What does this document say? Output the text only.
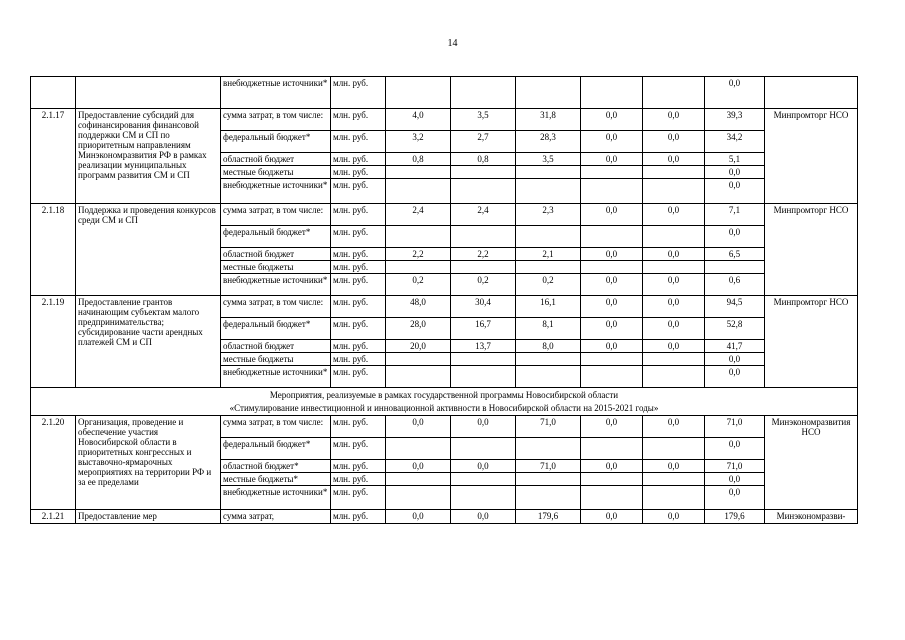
14
		внебюджетные источники*	млн. руб.						0,0	
2.1.17	Предоставление субсидий для софинансирования финансовой поддержки СМ и СП по приоритетным направлениям Минэкономразвития РФ в рамках реализации муниципальных программ развития СМ и СП	сумма затрат, в том числе:	млн. руб.	4,0	3,5	31,8	0,0	0,0	39,3	Минпромторг НСО
		федеральный бюджет*	млн. руб.	3,2	2,7	28,3	0,0	0,0	34,2	
		областной бюджет	млн. руб.	0,8	0,8	3,5	0,0	0,0	5,1	
		местные бюджеты	млн. руб.						0,0	
		внебюджетные источники*	млн. руб.						0,0	
2.1.18	Поддержка и проведения конкурсов среди СМ и СП	сумма затрат, в том числе:	млн. руб.	2,4	2,4	2,3	0,0	0,0	7,1	Минпромторг НСО
		федеральный бюджет*	млн. руб.						0,0	
		областной бюджет	млн. руб.	2,2	2,2	2,1	0,0	0,0	6,5	
		местные бюджеты	млн. руб.							
		внебюджетные источники*	млн. руб.	0,2	0,2	0,2	0,0	0,0	0,6	
2.1.19	Предоставление грантов начинающим субъектам малого предпринимательства; субсидирование части арендных платежей СМ и СП	сумма затрат, в том числе:	млн. руб.	48,0	30,4	16,1	0,0	0,0	94,5	Минпромторг НСО
		федеральный бюджет*	млн. руб.	28,0	16,7	8,1	0,0	0,0	52,8	
		областной бюджет	млн. руб.	20,0	13,7	8,0	0,0	0,0	41,7	
		местные бюджеты	млн. руб.						0,0	
		внебюджетные источники*	млн. руб.						0,0	

Мероприятия, реализуемые в рамках государственной программы Новосибирской области
«Стимулирование инвестиционной и инновационной активности в Новосибирской области на 2015-2021 годы»										

2.1.20	Организация, проведение и обеспечение участия Новосибирской области в приоритетных конгрессных и выставочно-ярмарочных мероприятиях на территории РФ и за ее пределами	сумма затрат, в том числе:	млн. руб.	0,0	0,0	71,0	0,0	0,0	71,0	Минэкономразвития НСО
		федеральный бюджет*	млн. руб.						0,0	
		областной бюджет*	млн. руб.	0,0	0,0	71,0	0,0	0,0	71,0	
		местные бюджеты*	млн. руб.						0,0	
		внебюджетные источники*	млн. руб.						0,0	
2.1.21	Предоставление мер	сумма затрат,	млн. руб.	0,0	0,0	179,6	0,0	0,0	179,6	Минэкономразви-
